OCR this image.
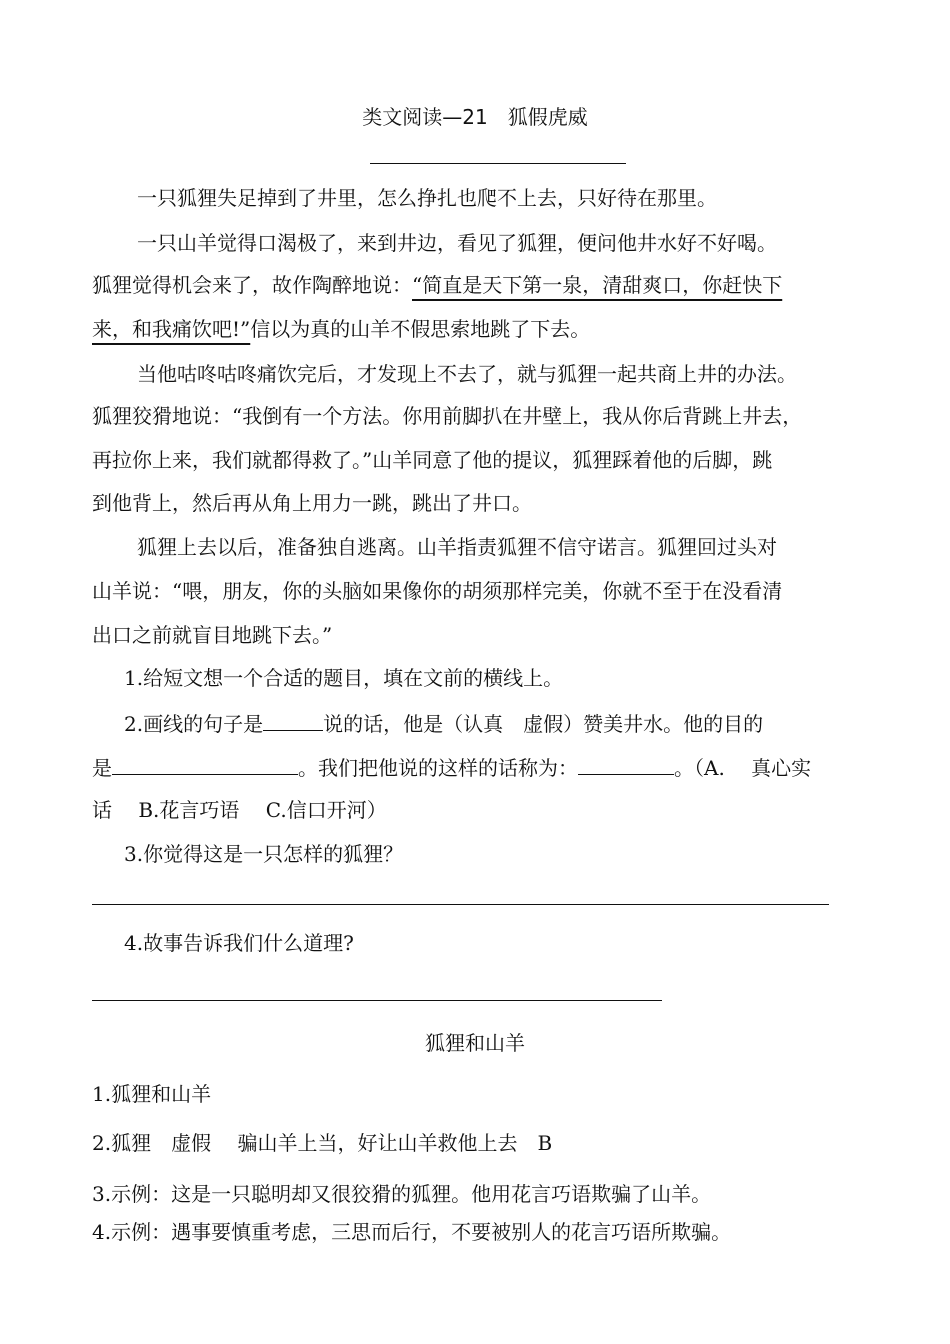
类文阅读—21　狐假虎威
一只狐狸失足掉到了井里，怎么挣扎也爬不上去，只好待在那里。
一只山羊觉得口渴极了，来到井边，看见了狐狸，便问他井水好不好喝。
狐狸觉得机会来了，故作陶醉地说：“简直是天下第一泉，清甜爽口，你赶快下
来，和我痛饮吧!”信以为真的山羊不假思索地跳了下去。
当他咕咚咕咚痛饮完后，才发现上不去了，就与狐狸一起共商上井的办法。
狐狸狡猾地说：“我倒有一个方法。你用前脚扒在井壁上，我从你后背跳上井去，
再拉你上来，我们就都得救了。”山羊同意了他的提议，狐狸踩着他的后脚，跳
到他背上，然后再从角上用力一跳，跳出了井口。
狐狸上去以后，准备独自逃离。山羊指责狐狸不信守诺言。狐狸回过头对
山羊说：“喂，朋友，你的头脑如果像你的胡须那样完美，你就不至于在没看清
出口之前就盲目地跳下去。”
1.给短文想一个合适的题目，填在文前的横线上。
2.画线的句子是	说的话，他是（认真　虚假）赞美井水。他的目的
是	。我们把他说的这样的话称为：	。（A.　 真心实
话　 B.花言巧语　 C.信口开河）
3.你觉得这是一只怎样的狐狸？
4.故事告诉我们什么道理?
狐狸和山羊
1.狐狸和山羊
2.狐狸　虚假　 骗山羊上当，好让山羊救他上去　B
3.示例：这是一只聪明却又很狡猾的狐狸。他用花言巧语欺骗了山羊。
4.示例：遇事要慎重考虑，三思而后行，不要被别人的花言巧语所欺骗。
